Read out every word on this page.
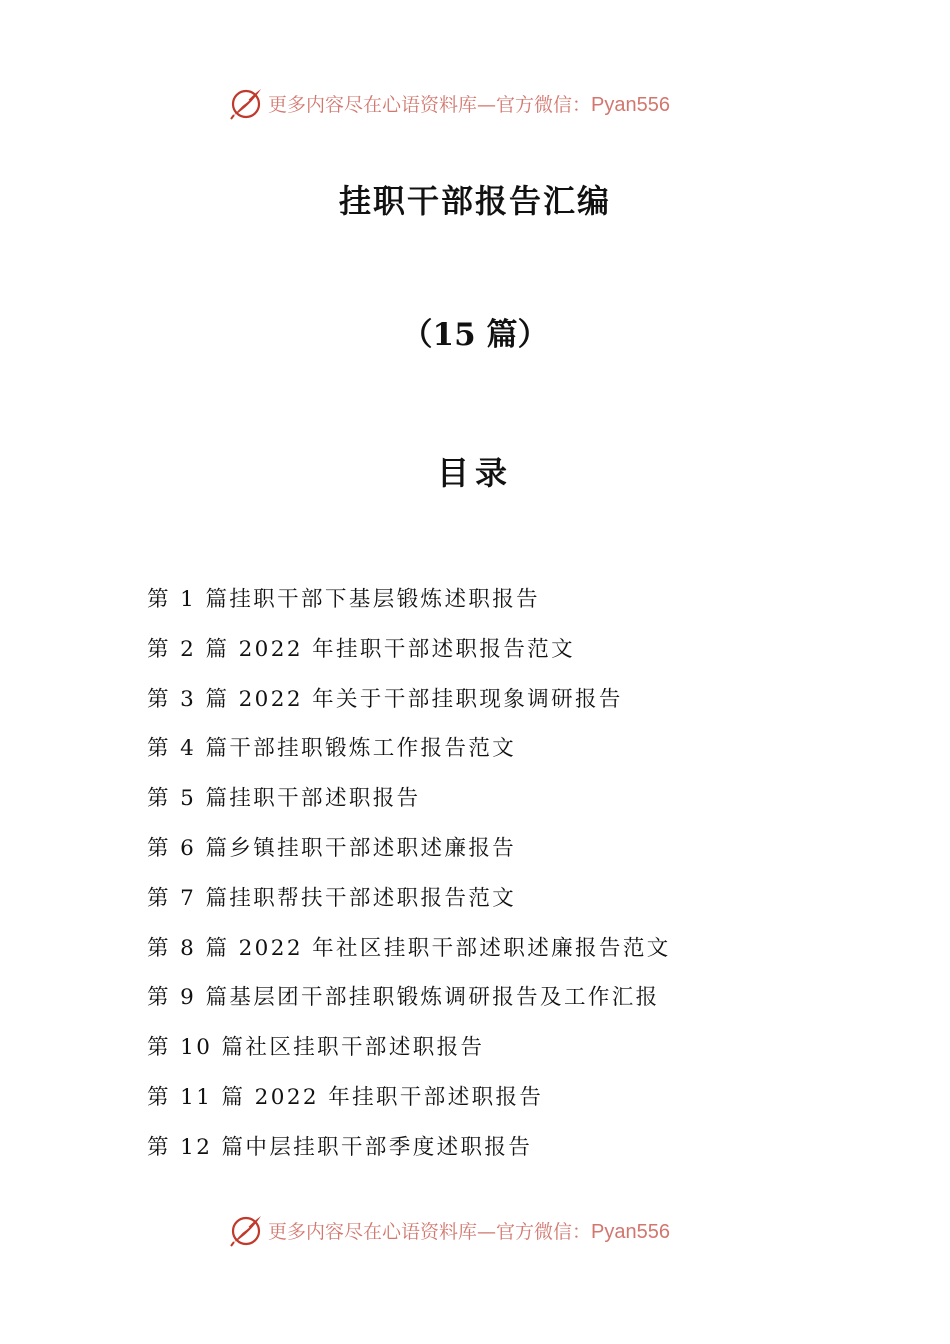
更多内容尽在心语资料库—官方微信：Pyan556
挂职干部报告汇编
（15 篇）
目录
第 1 篇挂职干部下基层锻炼述职报告
第 2 篇 2022 年挂职干部述职报告范文
第 3 篇 2022 年关于干部挂职现象调研报告
第 4 篇干部挂职锻炼工作报告范文
第 5 篇挂职干部述职报告
第 6 篇乡镇挂职干部述职述廉报告
第 7 篇挂职帮扶干部述职报告范文
第 8 篇 2022 年社区挂职干部述职述廉报告范文
第 9 篇基层团干部挂职锻炼调研报告及工作汇报
第 10 篇社区挂职干部述职报告
第 11 篇 2022 年挂职干部述职报告
第 12 篇中层挂职干部季度述职报告
更多内容尽在心语资料库—官方微信：Pyan556
